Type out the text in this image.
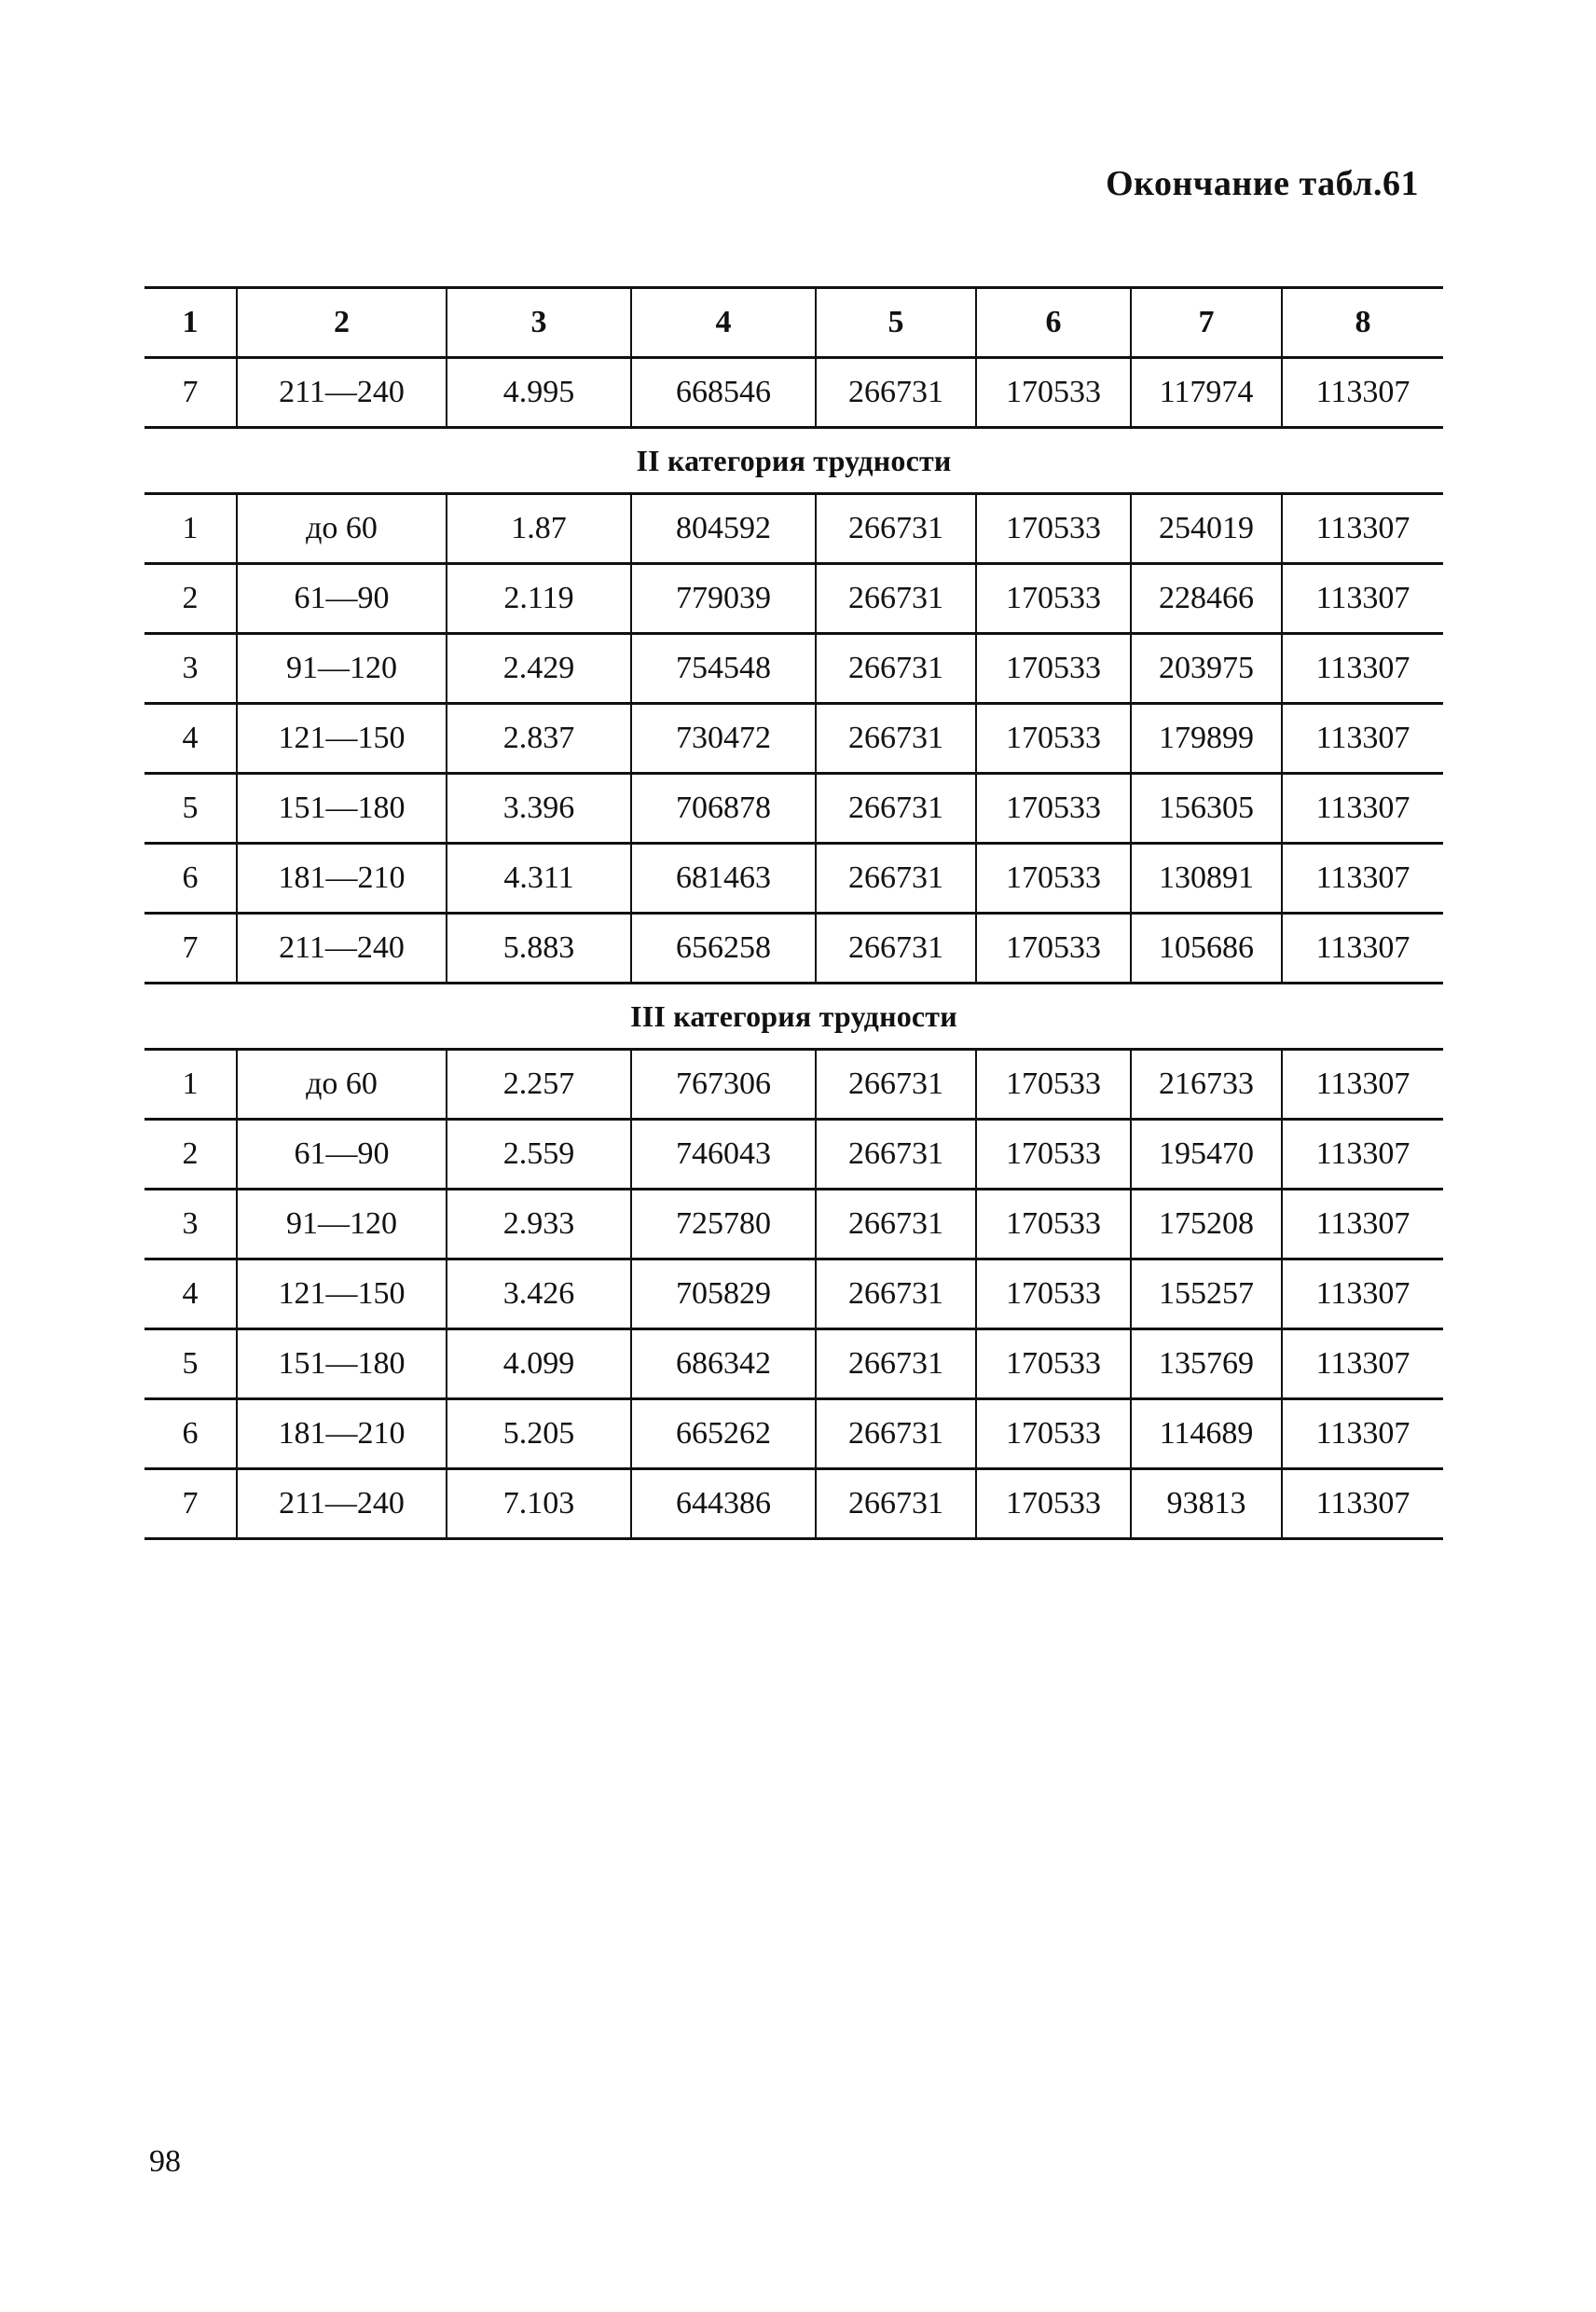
Окончание табл.61
1	2	3	4	5	6	7	8
7	211—240	4.995	668546	266731	170533	117974	113307
II категория трудности							
1	до 60	1.87	804592	266731	170533	254019	113307
2	61—90	2.119	779039	266731	170533	228466	113307
3	91—120	2.429	754548	266731	170533	203975	113307
4	121—150	2.837	730472	266731	170533	179899	113307
5	151—180	3.396	706878	266731	170533	156305	113307
6	181—210	4.311	681463	266731	170533	130891	113307
7	211—240	5.883	656258	266731	170533	105686	113307
III категория трудности							
1	до 60	2.257	767306	266731	170533	216733	113307
2	61—90	2.559	746043	266731	170533	195470	113307
3	91—120	2.933	725780	266731	170533	175208	113307
4	121—150	3.426	705829	266731	170533	155257	113307
5	151—180	4.099	686342	266731	170533	135769	113307
6	181—210	5.205	665262	266731	170533	114689	113307
7	211—240	7.103	644386	266731	170533	93813	113307
98
